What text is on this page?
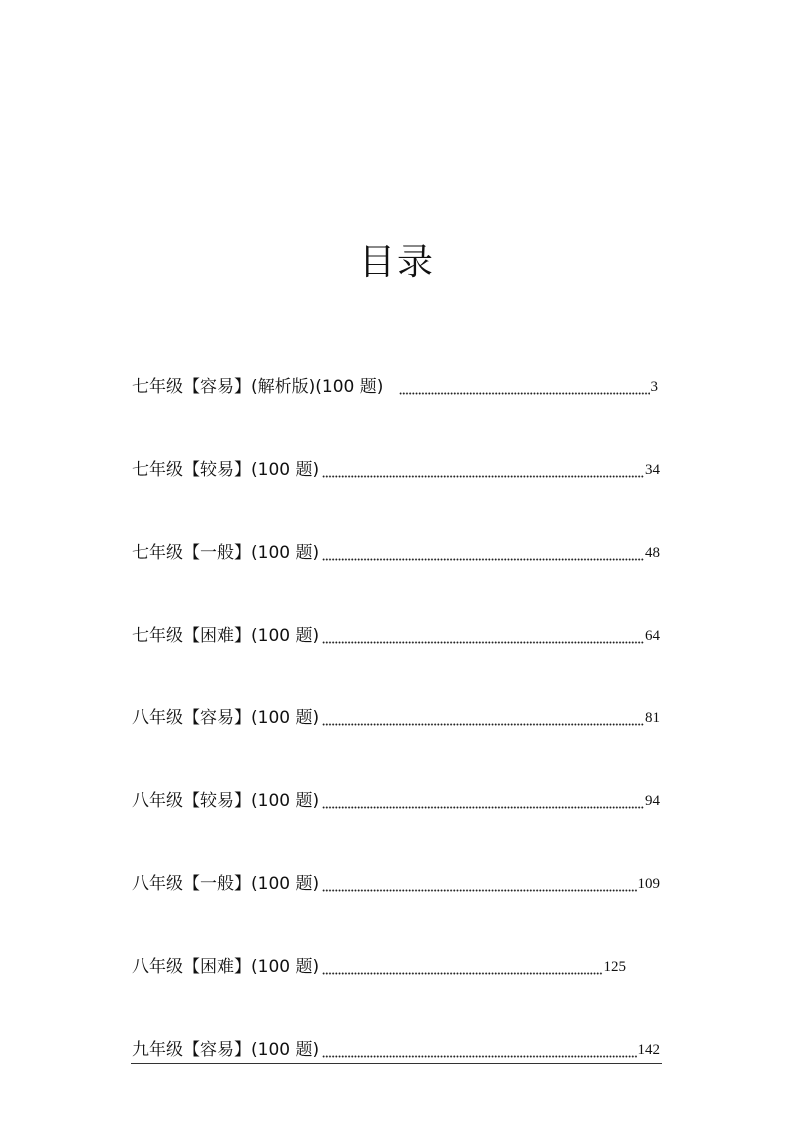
目录
七年级【容易】(解析版)(100 题)	3
七年级【较易】(100 题)	34
七年级【一般】(100 题)	48
七年级【困难】(100 题)	64
八年级【容易】(100 题)	81
八年级【较易】(100 题)	94
八年级【一般】(100 题)	109
八年级【困难】(100 题)	125
九年级【容易】(100 题)	142
